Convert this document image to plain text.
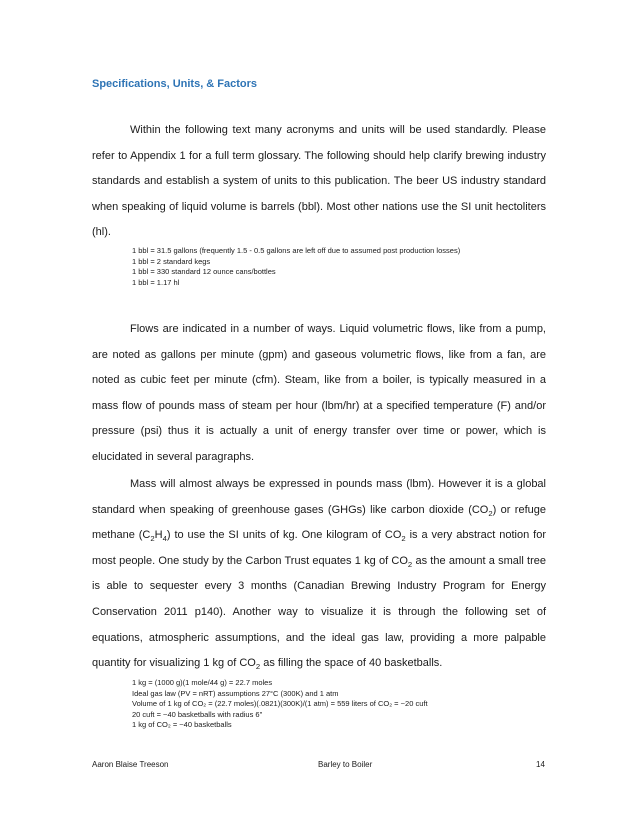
Specifications, Units, & Factors

Within the following text many acronyms and units will be used standardly. Please refer to Appendix 1 for a full term glossary. The following should help clarify brewing industry standards and establish a system of units to this publication. The beer US industry standard when speaking of liquid volume is barrels (bbl). Most other nations use the SI unit hectoliters (hl).

1 bbl = 31.5 gallons (frequently 1.5 - 0.5 gallons are left off due to assumed post production losses)
1 bbl = 2 standard kegs
1 bbl = 330 standard 12 ounce cans/bottles
1 bbl = 1.17 hl

Flows are indicated in a number of ways. Liquid volumetric flows, like from a pump, are noted as gallons per minute (gpm) and gaseous volumetric flows, like from a fan, are noted as cubic feet per minute (cfm). Steam, like from a boiler, is typically measured in a mass flow of pounds mass of steam per hour (lbm/hr) at a specified temperature (F) and/or pressure (psi) thus it is actually a unit of energy transfer over time or power, which is elucidated in several paragraphs.

Mass will almost always be expressed in pounds mass (lbm). However it is a global standard when speaking of greenhouse gases (GHGs) like carbon dioxide $(CO_2)$ or refuge methane $(C_2H_4)$ to use the SI units of kg. One kilogram of $CO_2$ is a very abstract notion for most people. One study by the Carbon Trust equates 1 kg of $CO_2$ as the amount a small tree is able to sequester every 3 months (Canadian Brewing Industry Program for Energy Conservation 2011 p140). Another way to visualize it is through the following set of equations, atmospheric assumptions, and the ideal gas law, providing a more palpable quantity for visualizing 1 kg of $CO_2$ as filling the space of 40 basketballs.

1 kg = (1000 g)(1 mole/44 g) = 22.7 moles
Ideal gas law (PV = nRT) assumptions 27°C (300K) and 1 atm
Volume of 1 kg of CO₂ = (22.7 moles)(.0821)(300K)/(1 atm) = 559 liters of CO₂ = ~20 cuft
20 cuft = ~40 basketballs with radius 6"
1 kg of CO₂ = ~40 basketballs
Aaron Blaise Treeson	Barley to Boiler	14
